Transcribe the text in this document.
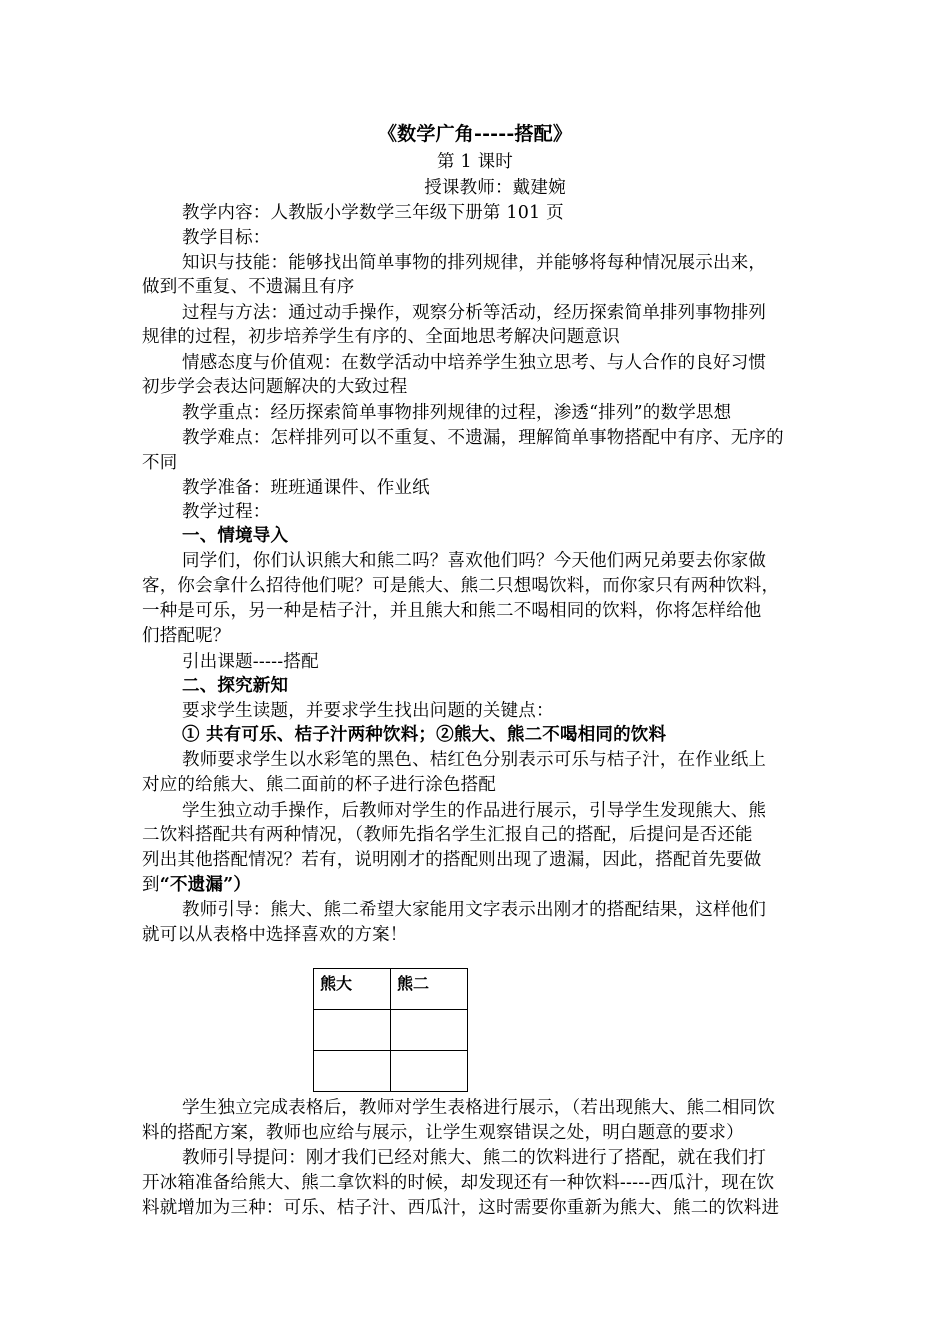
《数学广角-----搭配》
第 1 课时
授课教师：戴建婉
教学内容：人教版小学数学三年级下册第 101 页
教学目标：
知识与技能：能够找出简单事物的排列规律，并能够将每种情况展示出来，
做到不重复、不遗漏且有序
过程与方法：通过动手操作，观察分析等活动，经历探索简单排列事物排列
规律的过程，初步培养学生有序的、全面地思考解决问题意识
情感态度与价值观：在数学活动中培养学生独立思考、与人合作的良好习惯
初步学会表达问题解决的大致过程
教学重点：经历探索简单事物排列规律的过程，渗透“排列”的数学思想
教学难点：怎样排列可以不重复、不遗漏，理解简单事物搭配中有序、无序的
不同
教学准备：班班通课件、作业纸
教学过程：
一、情境导入
同学们，你们认识熊大和熊二吗？喜欢他们吗？今天他们两兄弟要去你家做
客，你会拿什么招待他们呢？可是熊大、熊二只想喝饮料，而你家只有两种饮料，
一种是可乐，另一种是桔子汁，并且熊大和熊二不喝相同的饮料，你将怎样给他
们搭配呢？
引出课题-----搭配
二、探究新知
要求学生读题，并要求学生找出问题的关键点：
① 共有可乐、桔子汁两种饮料；②熊大、熊二不喝相同的饮料
教师要求学生以水彩笔的黑色、桔红色分别表示可乐与桔子汁，在作业纸上
对应的给熊大、熊二面前的杯子进行涂色搭配
学生独立动手操作，后教师对学生的作品进行展示，引导学生发现熊大、熊
二饮料搭配共有两种情况，（教师先指名学生汇报自己的搭配，后提问是否还能
列出其他搭配情况？若有，说明刚才的搭配则出现了遗漏，因此，搭配首先要做
到“不遗漏”）
教师引导：熊大、熊二希望大家能用文字表示出刚才的搭配结果，这样他们
就可以从表格中选择喜欢的方案！
熊大	熊二

学生独立完成表格后，教师对学生表格进行展示，（若出现熊大、熊二相同饮
料的搭配方案，教师也应给与展示，让学生观察错误之处，明白题意的要求）
教师引导提问：刚才我们已经对熊大、熊二的饮料进行了搭配，就在我们打
开冰箱准备给熊大、熊二拿饮料的时候，却发现还有一种饮料-----西瓜汁，现在饮
料就增加为三种：可乐、桔子汁、西瓜汁，这时需要你重新为熊大、熊二的饮料进
